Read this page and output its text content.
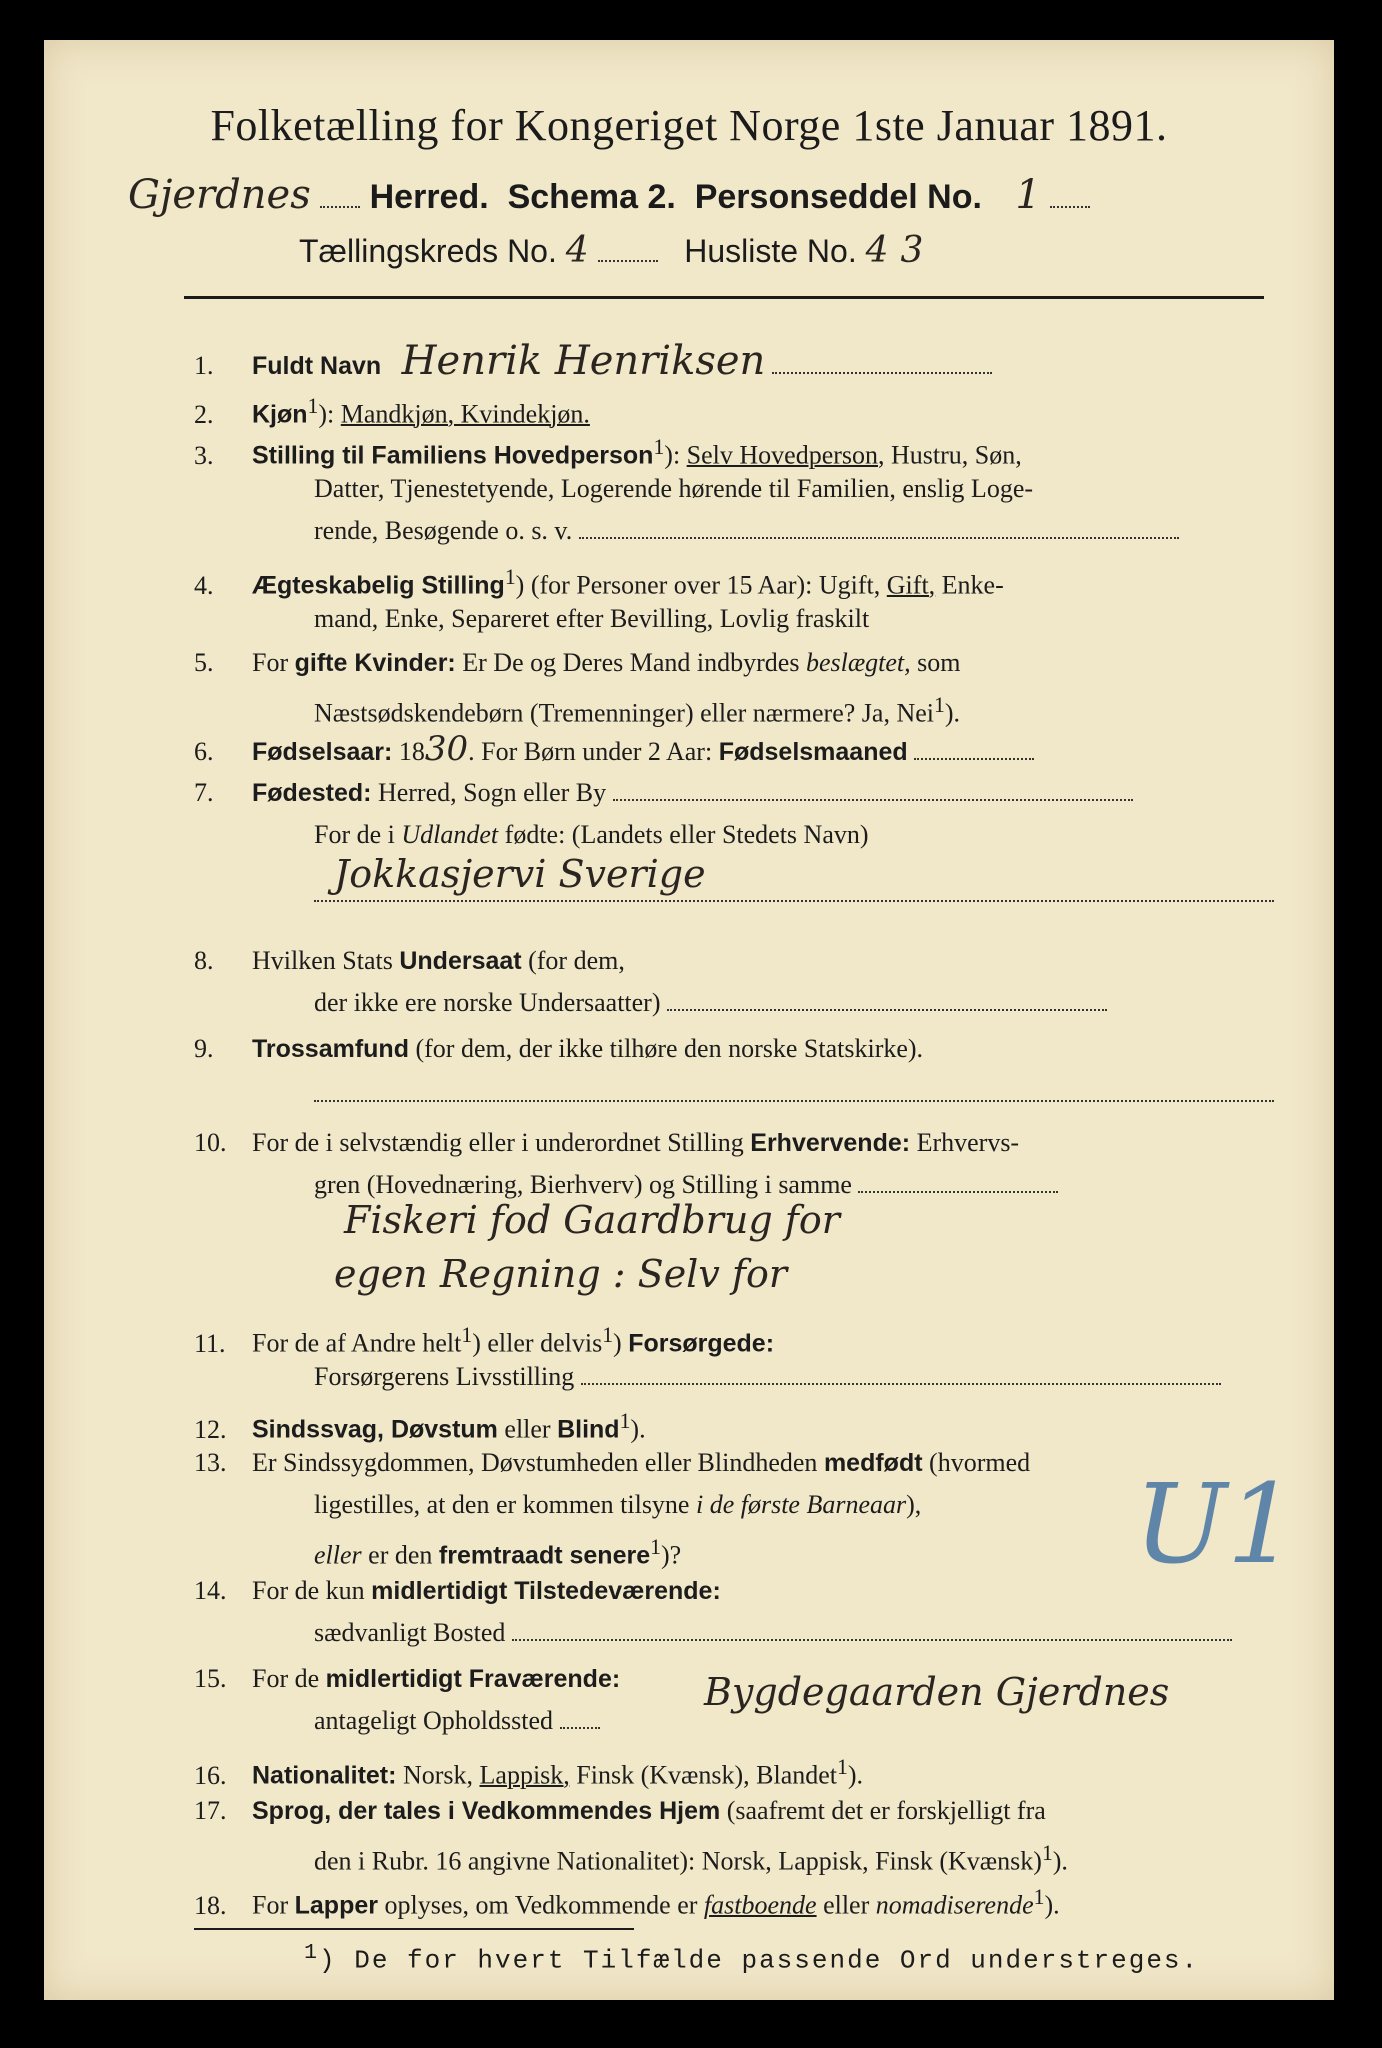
Folketælling for Kongeriget Norge 1ste Januar 1891.
Gjerdnes Herred. Schema 2. Personseddel No. 1
Tællingskreds No. 4	Husliste No. 43
1. Fuldt Navn Henrik Henriksen
2. Kjøn$^1$): Mandkjøn, Kvindekjøn.
3. Stilling til Familiens Hovedperson$^1$): Selv Hovedperson, Hustru, Søn,
Datter, Tjenestetyende, Logerende hørende til Familien, enslig Loge-
rende, Besøgende o. s. v.
4. Ægteskabelig Stilling$^1$) (for Personer over 15 Aar): Ugift, Gift, Enke-
mand, Enke, Separeret efter Bevilling, Lovlig fraskilt
5. For gifte Kvinder: Er De og Deres Mand indbyrdes beslægtet, som
Næstsødskendebørn (Tremenninger) eller nærmere? Ja, Nei$^1$).
6. Fødselsaar: 1830. For Børn under 2 Aar: Fødselsmaaned
7. Fødested: Herred, Sogn eller By
For de i Udlandet fødte: (Landets eller Stedets Navn)
Jokkasjervi Sverige
8. Hvilken Stats Undersaat (for dem,
der ikke ere norske Undersaatter)
9. Trossamfund (for dem, der ikke tilhøre den norske Statskirke).
10. For de i selvstændig eller i underordnet Stilling Erhvervende: Erhvervs-
gren (Hovednæring, Bierhverv) og Stilling i samme
Fiskeri fod Gaardbrug for
egen Regning : Selv for
11. For de af Andre helt$^1$) eller delvis$^1$) Forsørgede:
Forsørgerens Livsstilling
12. Sindssvag, Døvstum eller Blind$^1$).
13. Er Sindssygdommen, Døvstumheden eller Blindheden medfødt (hvormed
ligestilles, at den er kommen tilsyne i de første Barneaar),
eller er den fremtraadt senere$^1$)?	U1
14. For de kun midlertidigt Tilstedeværende:
sædvanligt Bosted
15. For de midlertidigt Fraværende:
antageligt Opholdssted
Bygdegaarden Gjerdnes
16. Nationalitet: Norsk, Lappisk, Finsk (Kvænsk), Blandet$^1$).
17. Sprog, der tales i Vedkommendes Hjem (saafremt det er forskjelligt fra
den i Rubr. 16 angivne Nationalitet): Norsk, Lappisk, Finsk (Kvænsk)$^1$).
18. For Lapper oplyses, om Vedkommende er fastboende eller nomadiserende$^1$).
$^1$) De for hvert Tilfælde passende Ord understreges.
